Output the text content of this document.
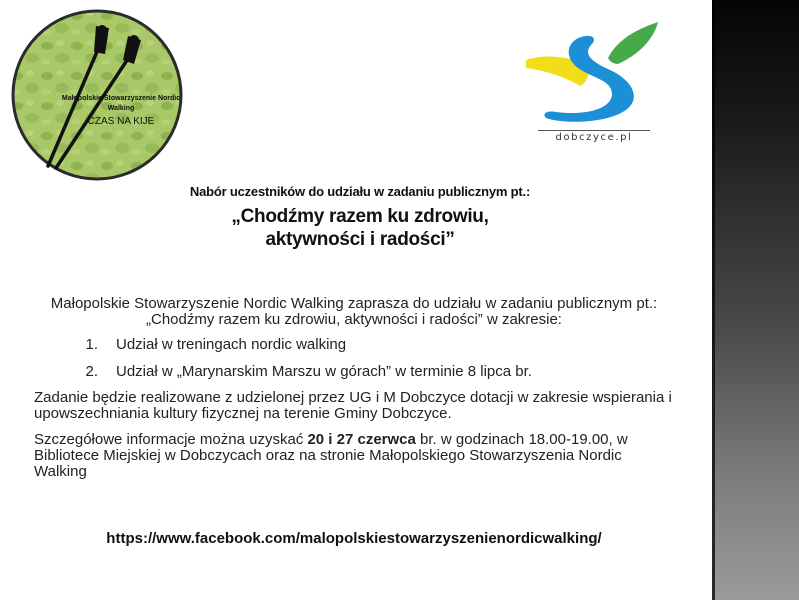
Małopolskie Stowarzyszenie Nordic Walking
CZAS NA KIJE
dobczyce.pl
Nabór uczestników do udziału w zadaniu publicznym pt.:
„Chodźmy razem ku zdrowiu,
aktywności i radości”

Małopolskie Stowarzyszenie Nordic Walking zaprasza do udziału w zadaniu publicznym pt.: „Chodźmy razem ku zdrowiu, aktywności i radości” w zakresie:

1.	Udział w treningach nordic walking
2.	Udział w „Marynarskim Marszu w górach” w terminie 8 lipca br.

Zadanie będzie realizowane z udzielonej przez UG i M Dobczyce dotacji w zakresie wspierania i upowszechniania kultury fizycznej na terenie Gminy Dobczyce.

Szczegółowe informacje można uzyskać 20 i 27 czerwca br. w godzinach 18.00-19.00, w Bibliotece Miejskiej w Dobczycach oraz na stronie Małopolskiego Stowarzyszenia Nordic Walking

https://www.facebook.com/malopolskiestowarzyszenienordicwalking/
